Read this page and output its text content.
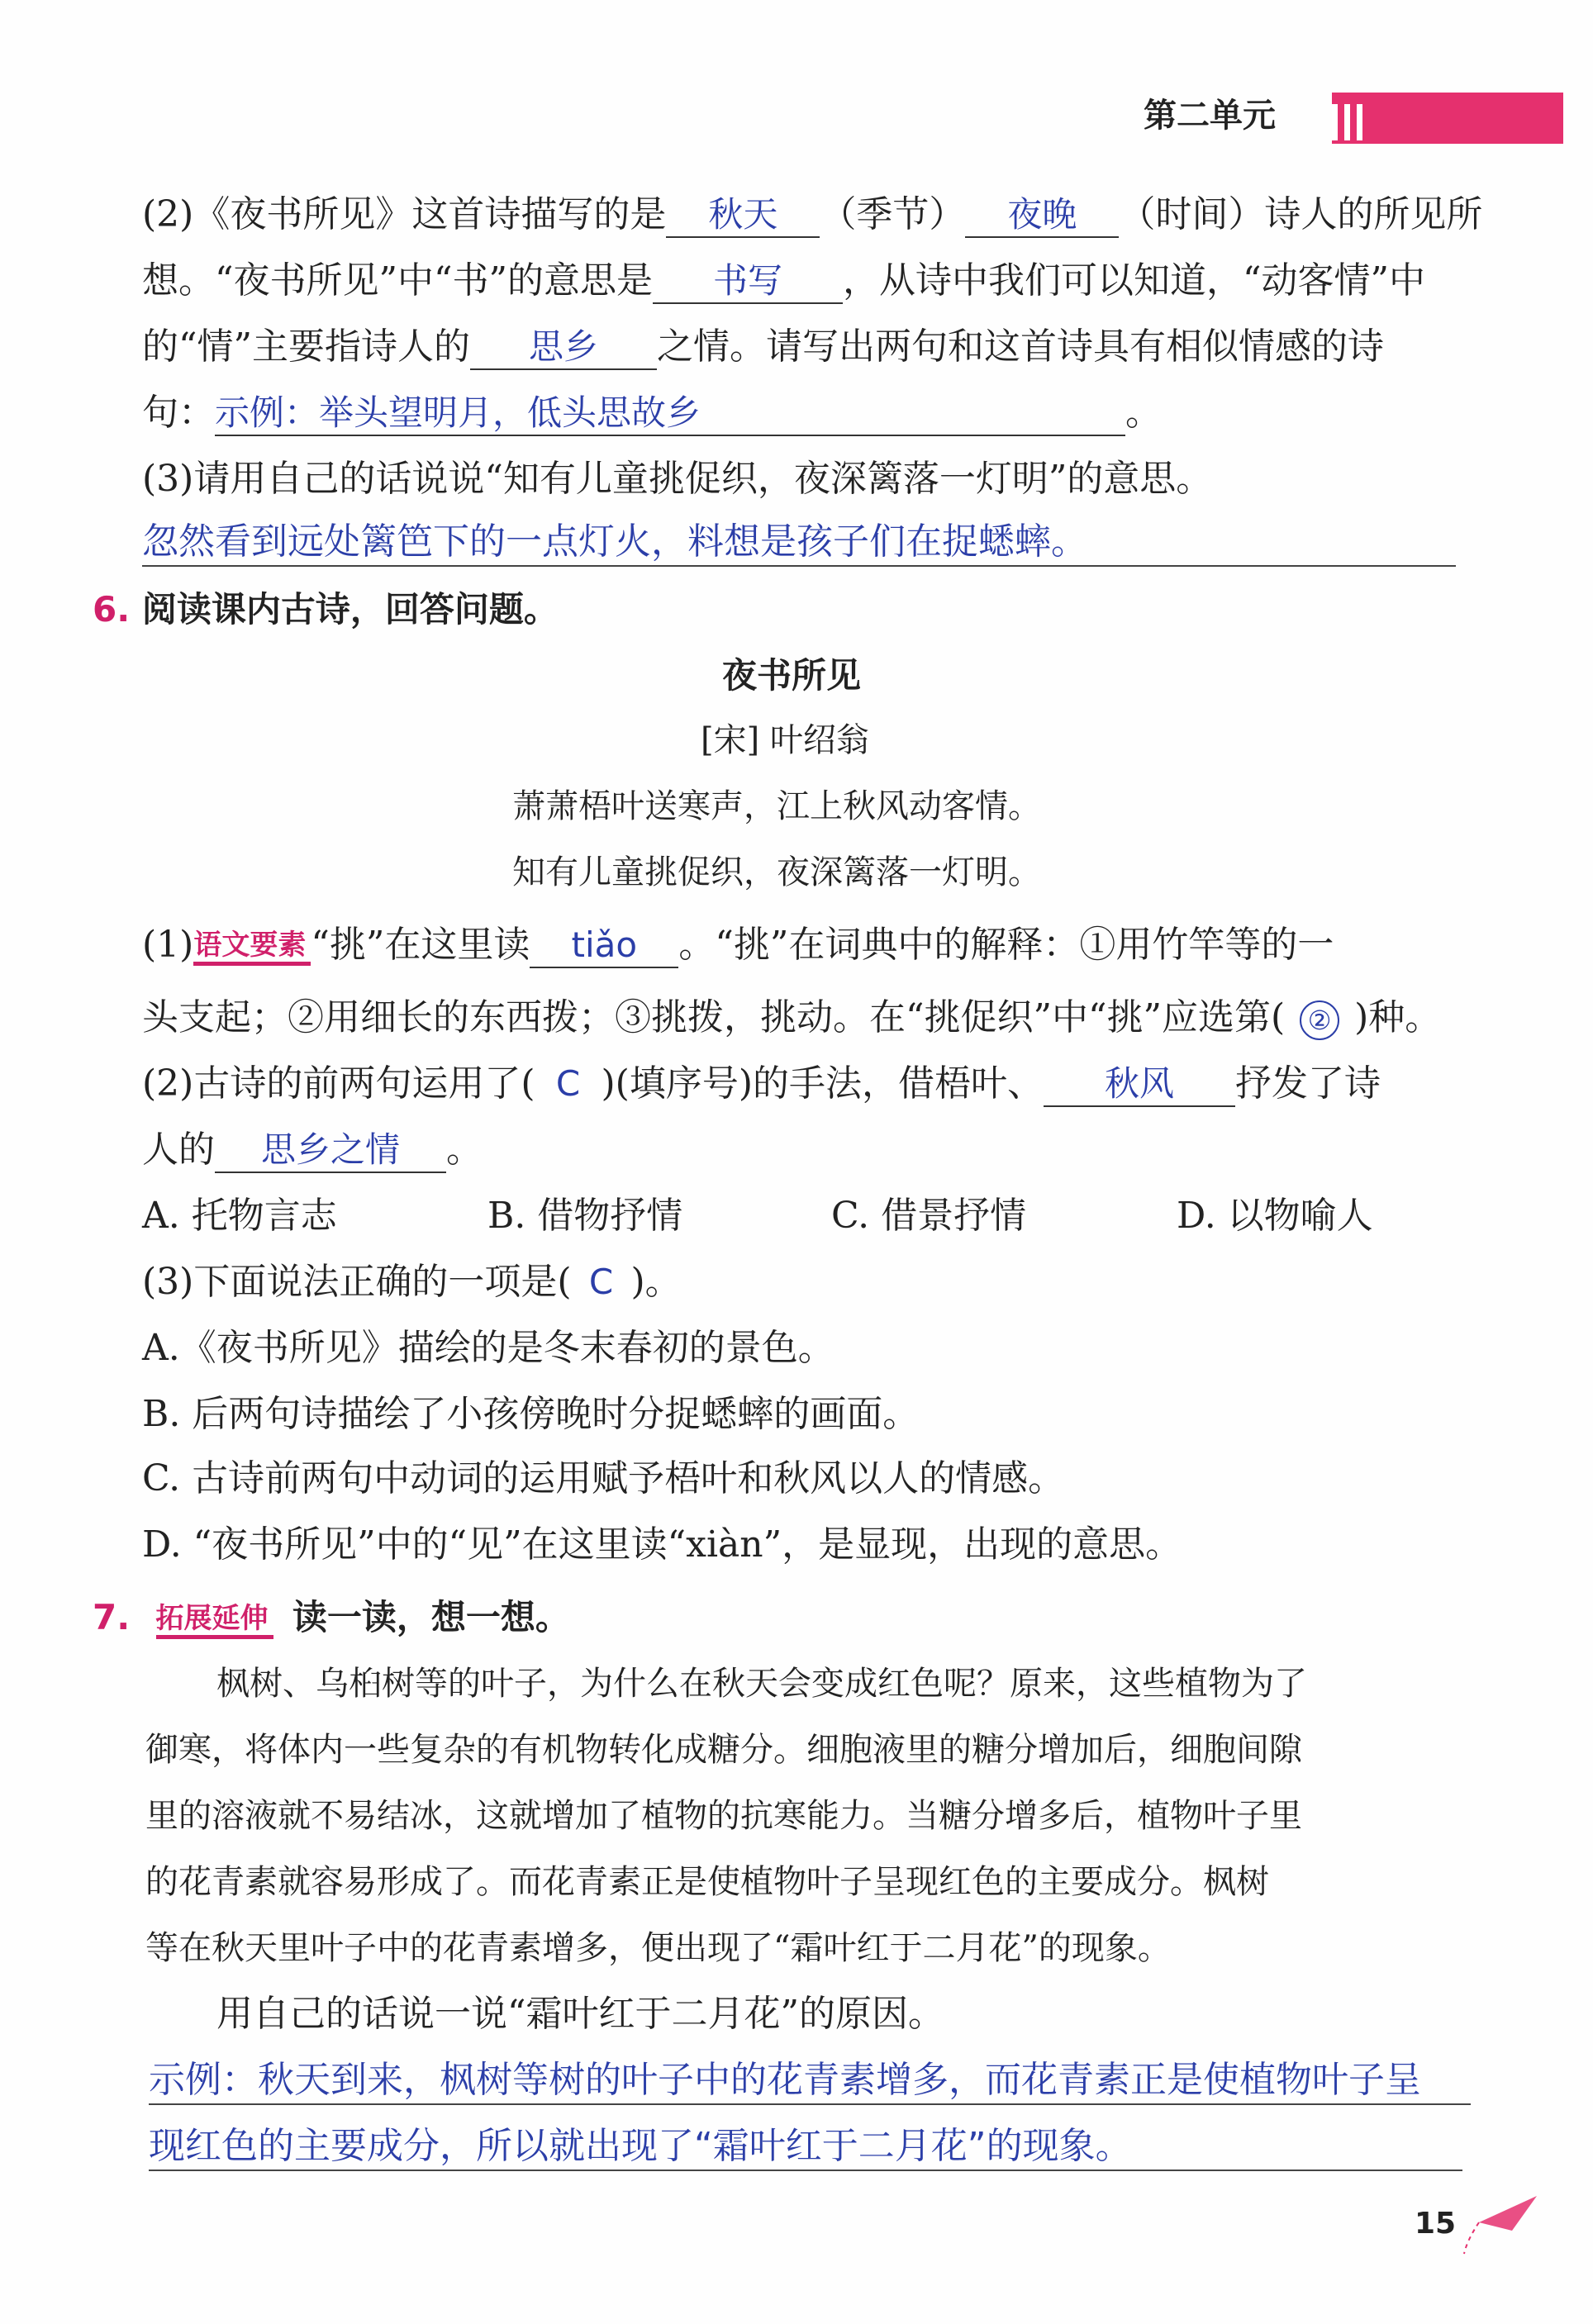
第二单元
(2)《夜书所见》这首诗描写的是 秋天 （季节） 夜晚 （时间）诗人的所见所
想。“夜书所见”中“书”的意思是 书写 ，从诗中我们可以知道，“动客情”中
的“情”主要指诗人的 思乡 之情。请写出两句和这首诗具有相似情感的诗
句：示例：举头望明月，低头思故乡	。
(3)请用自己的话说说“知有儿童挑促织，夜深篱落一灯明”的意思。
忽然看到远处篱笆下的一点灯火，料想是孩子们在捉蟋蟀。
6. 阅读课内古诗，回答问题。
夜书所见
[宋] 叶绍翁
萧萧梧叶送寒声，江上秋风动客情。
知有儿童挑促织，夜深篱落一灯明。
(1)语文要素 “挑”在这里读 tiǎo 。“挑”在词典中的解释：①用竹竿等的一
头支起；②用细长的东西拨；③挑拨，挑动。在“挑促织”中“挑”应选第( ② )种。
(2)古诗的前两句运用了( C )(填序号)的手法，借梧叶、 秋风 抒发了诗
人的 思乡之情 。
A. 托物言志	B. 借物抒情	C. 借景抒情	D. 以物喻人
(3)下面说法正确的一项是( C )。
A.《夜书所见》描绘的是冬末春初的景色。
B. 后两句诗描绘了小孩傍晚时分捉蟋蟀的画面。
C. 古诗前两句中动词的运用赋予梧叶和秋风以人的情感。
D. “夜书所见”中的“见”在这里读“xiàn”，是显现，出现的意思。
7. 拓展延伸 读一读，想一想。
枫树、乌桕树等的叶子，为什么在秋天会变成红色呢？原来，这些植物为了
御寒，将体内一些复杂的有机物转化成糖分。细胞液里的糖分增加后，细胞间隙
里的溶液就不易结冰，这就增加了植物的抗寒能力。当糖分增多后，植物叶子里
的花青素就容易形成了。而花青素正是使植物叶子呈现红色的主要成分。枫树
等在秋天里叶子中的花青素增多，便出现了“霜叶红于二月花”的现象。
用自己的话说一说“霜叶红于二月花”的原因。
示例：秋天到来，枫树等树的叶子中的花青素增多，而花青素正是使植物叶子呈
现红色的主要成分，所以就出现了“霜叶红于二月花”的现象。
15
